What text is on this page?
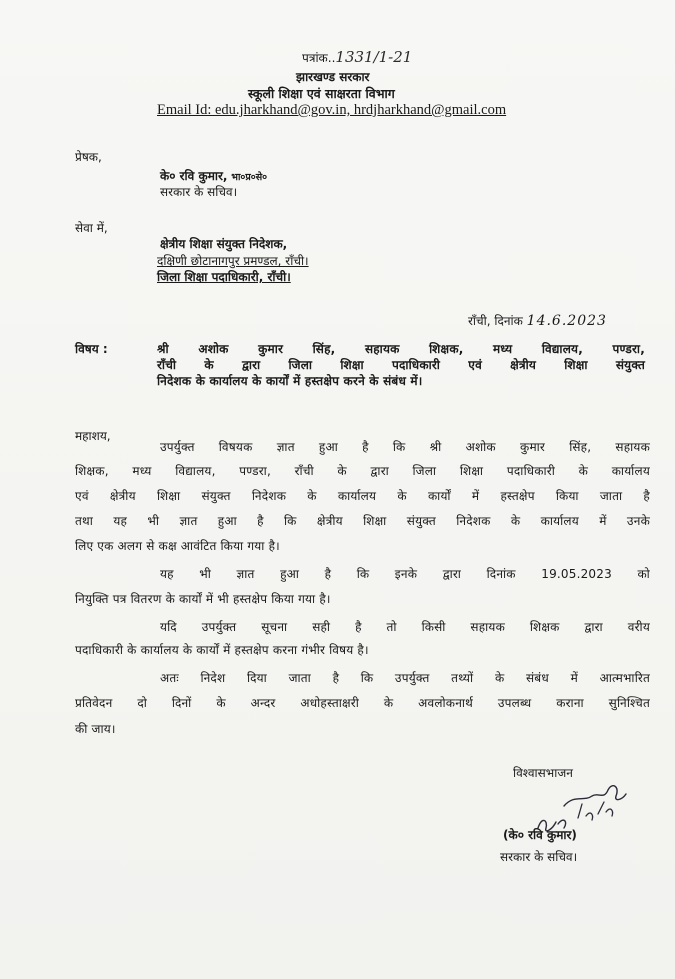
पत्रांक..1331/1-21
झारखण्ड सरकार
स्कूली शिक्षा एवं साक्षरता विभाग
Email Id: edu.jharkhand@gov.in, hrdjharkhand@gmail.com
प्रेषक,
के० रवि कुमार, भा०प्र०से०
सरकार के सचिव।
सेवा में,
क्षेत्रीय शिक्षा संयुक्त निदेशक,
दक्षिणी छोटानागपुर प्रमण्डल, राँची।
जिला शिक्षा पदाधिकारी, राँची।
राँची, दिनांक 14.6.2023
विषय :	श्री अशोक कुमार सिंह, सहायक शिक्षक, मध्य विद्यालय, पण्डरा,
राँची के द्वारा जिला शिक्षा पदाधिकारी एवं क्षेत्रीय शिक्षा संयुक्त
निदेशक के कार्यालय के कार्यों में हस्तक्षेप करने के संबंध में।
महाशय,
उपर्युक्त विषयक ज्ञात हुआ है कि श्री अशोक कुमार सिंह, सहायक
शिक्षक, मध्य विद्यालय, पण्डरा, राँची के द्वारा जिला शिक्षा पदाधिकारी के कार्यालय
एवं क्षेत्रीय शिक्षा संयुक्त निदेशक के कार्यालय के कार्यों में हस्तक्षेप किया जाता है
तथा यह भी ज्ञात हुआ है कि क्षेत्रीय शिक्षा संयुक्त निदेशक के कार्यालय में उनके
लिए एक अलग से कक्ष आवंटित किया गया है।
यह भी ज्ञात हुआ है कि इनके द्वारा दिनांक 19.05.2023 को
नियुक्ति पत्र वितरण के कार्यों में भी हस्तक्षेप किया गया है।
यदि उपर्युक्त सूचना सही है तो किसी सहायक शिक्षक द्वारा वरीय
पदाधिकारी के कार्यालय के कार्यों में हस्तक्षेप करना गंभीर विषय है।
अतः निदेश दिया जाता है कि उपर्युक्त तथ्यों के संबंध में आत्मभारित
प्रतिवेदन दो दिनों के अन्दर अधोहस्ताक्षरी के अवलोकनार्थ उपलब्ध कराना सुनिश्चित
की जाय।
विश्वासभाजन
(के० रवि कुमार)
सरकार के सचिव।
